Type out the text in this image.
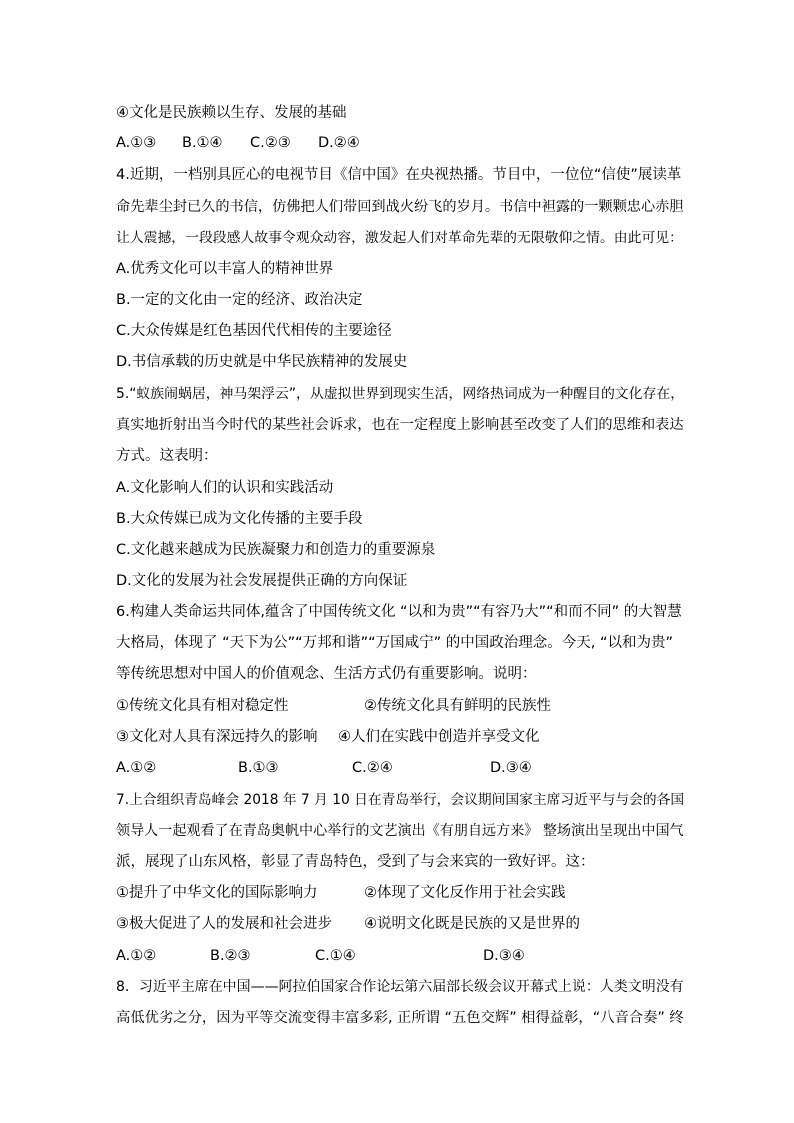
④文化是民族赖以生存、发展的基础
A.①③ B.①④ C.②③ D.②④
4.近期，一档别具匠心的电视节目《信中国》在央视热播。节目中，一位位“信使”展读革
命先辈尘封已久的书信，仿佛把人们带回到战火纷飞的岁月。书信中袒露的一颗颗忠心赤胆
让人震撼，一段段感人故事令观众动容，激发起人们对革命先辈的无限敬仰之情。由此可见：
A.优秀文化可以丰富人的精神世界
B.一定的文化由一定的经济、政治决定
C.大众传媒是红色基因代代相传的主要途径
D.书信承载的历史就是中华民族精神的发展史
5.“蚁族闹蜗居，神马架浮云”，从虚拟世界到现实生活，网络热词成为一种醒目的文化存在，
真实地折射出当今时代的某些社会诉求，也在一定程度上影响甚至改变了人们的思维和表达
方式。这表明：
A.文化影响人们的认识和实践活动
B.大众传媒已成为文化传播的主要手段
C.文化越来越成为民族凝聚力和创造力的重要源泉
D.文化的发展为社会发展提供正确的方向保证
6.构建人类命运共同体,蕴含了中国传统文化 “以和为贵”“有容乃大”“和而不同” 的大智慧
大格局，体现了 “天下为公”“万邦和谐”“万国咸宁” 的中国政治理念。今天, “以和为贵”
等传统思想对中国人的价值观念、生活方式仍有重要影响。说明：
①传统文化具有相对稳定性	②传统文化具有鲜明的民族性
③文化对人具有深远持久的影响 ④人们在实践中创造并享受文化
A.①②	B.①③	C.②④	D.③④
7.上合组织青岛峰会 2018 年 7 月 10 日在青岛举行，会议期间国家主席习近平与与会的各国
领导人一起观看了在青岛奥帆中心举行的文艺演出《有朋自远方来》 整场演出呈现出中国气
派，展现了山东风格，彰显了青岛特色，受到了与会来宾的一致好评。这：
①提升了中华文化的国际影响力	②体现了文化反作用于社会实践
③极大促进了人的发展和社会进步 ④说明文化既是民族的又是世界的
A.①②	B.②③	C.①④	D.③④
8．习近平主席在中国——阿拉伯国家合作论坛第六届部长级会议开幕式上说：人类文明没有
高低优劣之分，因为平等交流变得丰富多彩, 正所谓 “五色交辉” 相得益彰，“八音合奏” 终
